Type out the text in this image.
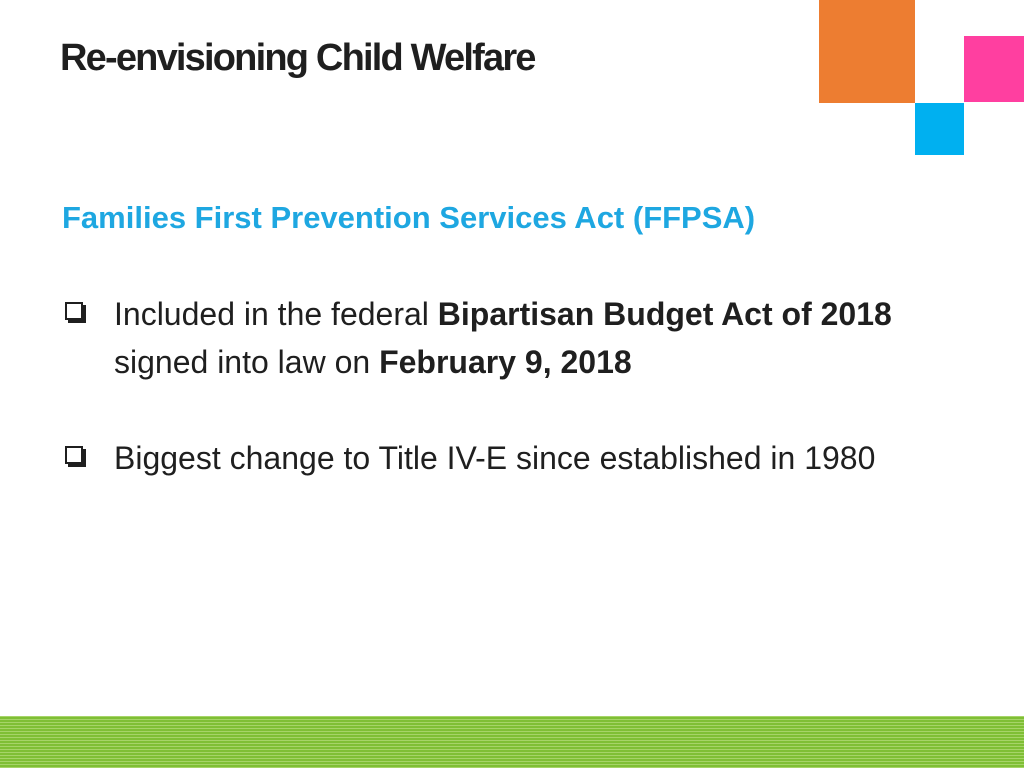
Re-envisioning Child Welfare
Families First Prevention Services Act (FFPSA)
Included in the federal Bipartisan Budget Act of 2018 signed into law on February 9, 2018
Biggest change to Title IV-E since established in 1980
